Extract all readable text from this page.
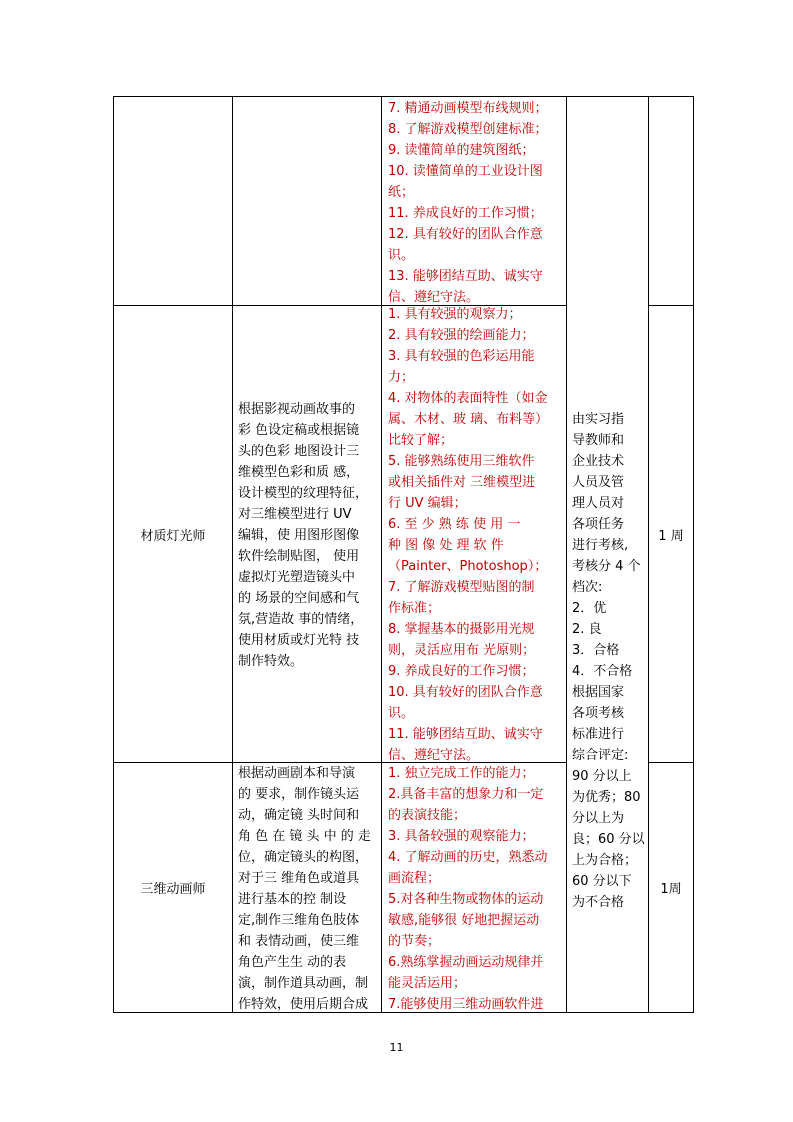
7. 精通动画模型布线规则；
8. 了解游戏模型创建标准；
9. 读懂简单的建筑图纸；
10. 读懂简单的工业设计图
纸；
11. 养成良好的工作习惯；
12. 具有较好的团队合作意
识。
13. 能够团结互助、诚实守
信、遵纪守法。
材质灯光师
根据影视动画故事的
彩 色设定稿或根据镜
头的色彩 地图设计三
维模型色彩和质 感，
设计模型的纹理特征，
对三维模型进行 UV
编辑，使 用图形图像
软件绘制贴图， 使用
虚拟灯光塑造镜头中
的 场景的空间感和气
氛,营造故 事的情绪，
使用材质或灯光特 技
制作特效。
1. 具有较强的观察力；
2. 具有较强的绘画能力；
3. 具有较强的色彩运用能
力；
4. 对物体的表面特性（如金
属、木材、玻 璃、布料等）
比较了解；
5. 能够熟练使用三维软件
或相关插件对 三维模型进
行 UV 编辑；
6. 至 少 熟 练 使 用 一
种 图 像 处 理 软 件
（Painter、Photoshop）；
7. 了解游戏模型贴图的制
作标准；
8. 掌握基本的摄影用光规
则，灵活应用布 光原则；
9. 养成良好的工作习惯；
10. 具有较好的团队合作意
识。
11. 能够团结互助、诚实守
信、遵纪守法。
1 周
三维动画师
根据动画剧本和导演
的 要求，制作镜头运
动，确定镜 头时间和
角 色 在 镜 头 中 的 走
位，确定镜头的构图，
对于三 维角色或道具
进行基本的控 制设
定,制作三维角色肢体
和 表情动画，使三维
角色产生生 动的表
演，制作道具动画，制
作特效，使用后期合成
1. 独立完成工作的能力；
2.具备丰富的想象力和一定
的表演技能；
3. 具备较强的观察能力；
4. 了解动画的历史，熟悉动
画流程；
5.对各种生物或物体的运动
敏感,能够很 好地把握运动
的节奏；
6.熟练掌握动画运动规律并
能灵活运用；
7.能够使用三维动画软件进
1周
由实习指
导教师和
企业技术
人员及管
理人员对
各项任务
进行考核,
考核分 4 个
档次:
2．优
2. 良
3．合格
4．不合格
根据国家
各项考核
标准进行
综合评定:
90 分以上
为优秀；80
分以上为
良；60 分以
上为合格；
60 分以下
为不合格
11
